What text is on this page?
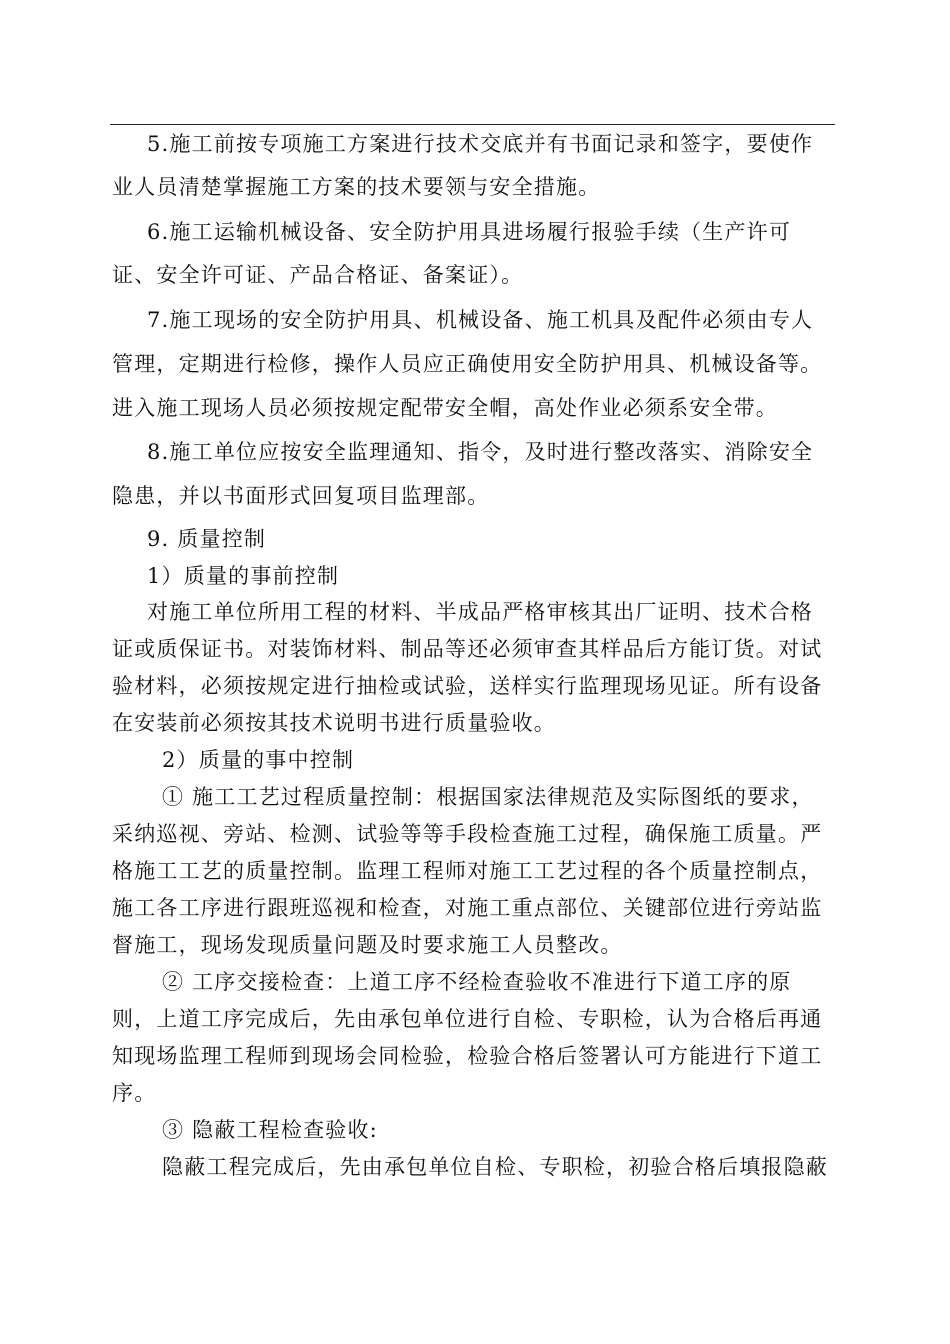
5.施工前按专项施工方案进行技术交底并有书面记录和签字，要使作
业人员清楚掌握施工方案的技术要领与安全措施。
6.施工运输机械设备、安全防护用具进场履行报验手续（生产许可
证、安全许可证、产品合格证、备案证）。
7.施工现场的安全防护用具、机械设备、施工机具及配件必须由专人
管理，定期进行检修，操作人员应正确使用安全防护用具、机械设备等。
进入施工现场人员必须按规定配带安全帽，高处作业必须系安全带。
8.施工单位应按安全监理通知、指令，及时进行整改落实、消除安全
隐患，并以书面形式回复项目监理部。
9. 质量控制
1）质量的事前控制
对施工单位所用工程的材料、半成品严格审核其出厂证明、技术合格
证或质保证书。对装饰材料、制品等还必须审查其样品后方能订货。对试
验材料，必须按规定进行抽检或试验，送样实行监理现场见证。所有设备
在安装前必须按其技术说明书进行质量验收。
2）质量的事中控制
① 施工工艺过程质量控制：根据国家法律规范及实际图纸的要求，
采纳巡视、旁站、检测、试验等等手段检查施工过程，确保施工质量。严
格施工工艺的质量控制。监理工程师对施工工艺过程的各个质量控制点，
施工各工序进行跟班巡视和检查，对施工重点部位、关键部位进行旁站监
督施工，现场发现质量问题及时要求施工人员整改。
② 工序交接检查：上道工序不经检查验收不准进行下道工序的原
则，上道工序完成后，先由承包单位进行自检、专职检，认为合格后再通
知现场监理工程师到现场会同检验，检验合格后签署认可方能进行下道工
序。
③ 隐蔽工程检查验收:
隐蔽工程完成后，先由承包单位自检、专职检，初验合格后填报隐蔽
